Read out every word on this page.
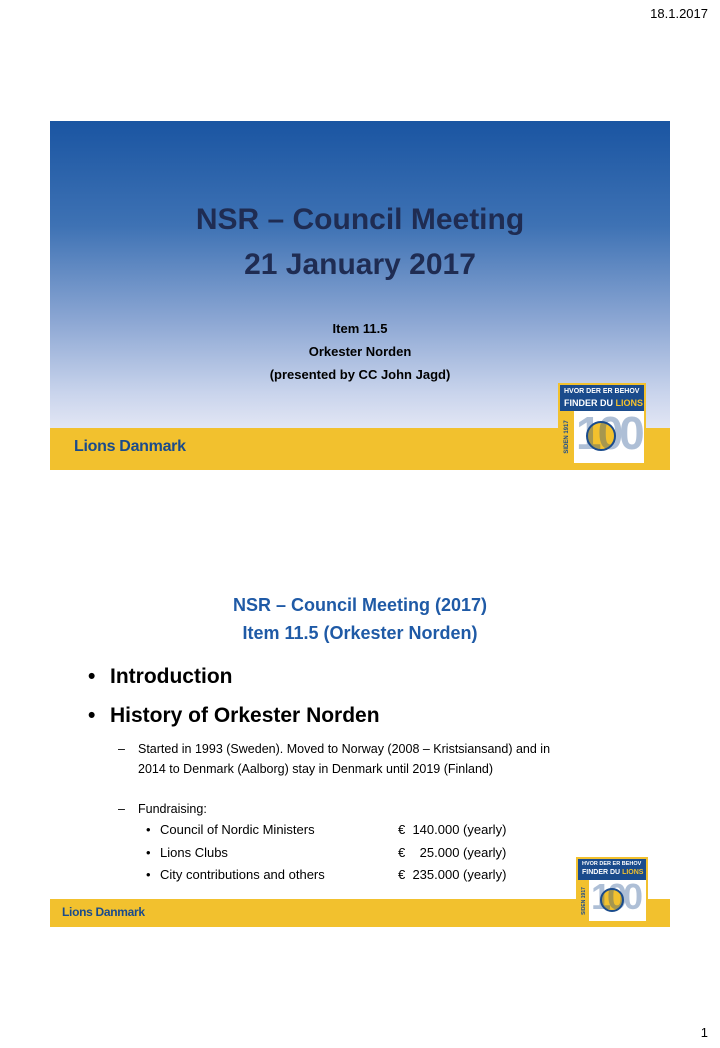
18.1.2017
NSR – Council Meeting
21 January 2017
Item 11.5
Orkester Norden
(presented by CC John Jagd)
Lions Danmark
HVOR DER ER BEHOV
FINDER DU LIONS
SIDEN 1917 100
NSR – Council Meeting (2017)
Item 11.5 (Orkester Norden)
• Introduction
• History of Orkester Norden
–	Started in 1993 (Sweden). Moved to Norway (2008 – Kristsiansand) and in
2014 to Denmark (Aalborg) stay in Denmark until 2019 (Finland)
–	Fundraising:
• Council of Nordic Ministers	€  140.000 (yearly)
• Lions Clubs	€    25.000 (yearly)
• City contributions and others	€  235.000 (yearly)
Lions Danmark
HVOR DER ER BEHOV
FINDER DU LIONS
SIDEN 1917 100
1
